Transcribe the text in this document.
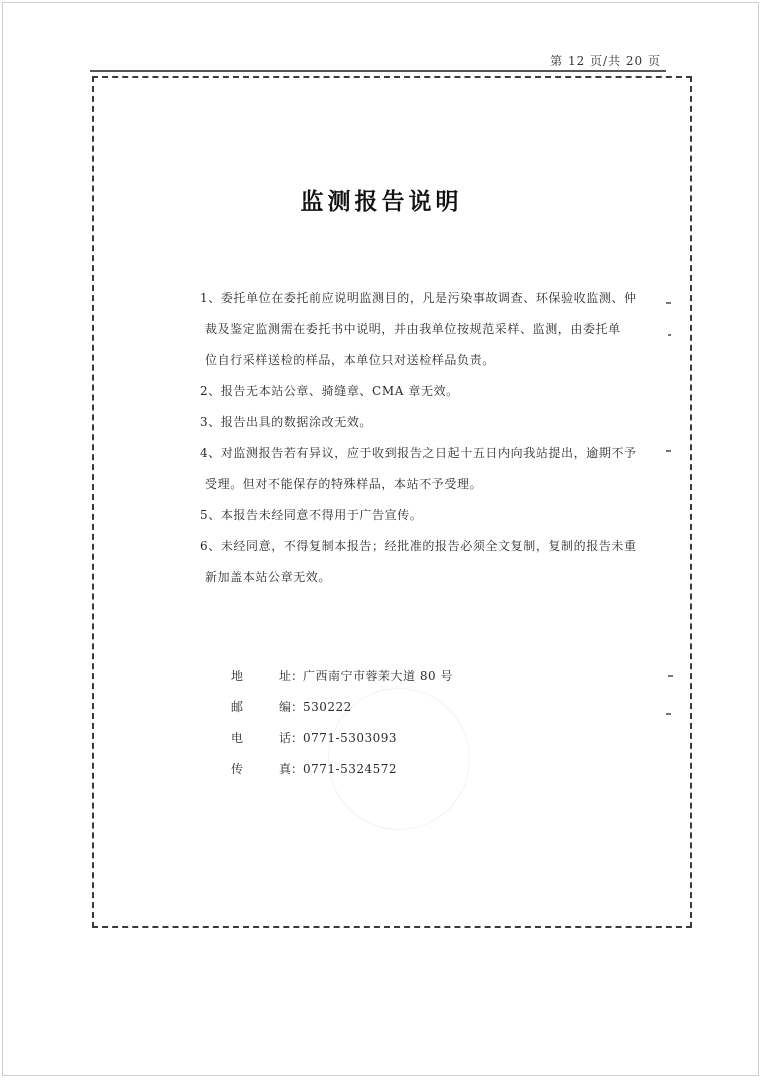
第 12 页/共 20 页
监测报告说明

1、委托单位在委托前应说明监测目的，凡是污染事故调查、环保验收监测、仲
裁及鉴定监测需在委托书中说明，并由我单位按规范采样、监测，由委托单
位自行采样送检的样品，本单位只对送检样品负责。

2、报告无本站公章、骑缝章、CMA 章无效。

3、报告出具的数据涂改无效。

4、对监测报告若有异议，应于收到报告之日起十五日内向我站提出，逾期不予
受理。但对不能保存的特殊样品，本站不予受理。

5、本报告未经同意不得用于广告宣传。

6、未经同意，不得复制本报告；经批准的报告必须全文复制，复制的报告未重
新加盖本站公章无效。

地	址： 广西南宁市蓉茉大道 80 号
邮	编： 530222
电	话： 0771-5303093
传	真： 0771-5324572
